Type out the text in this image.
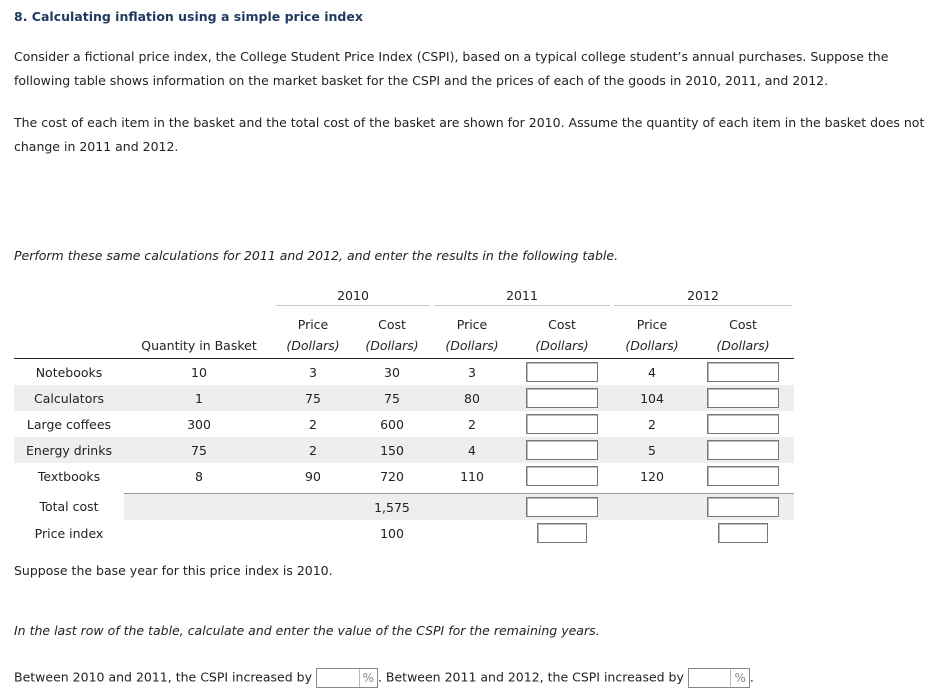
8. Calculating inflation using a simple price index
Consider a fictional price index, the College Student Price Index (CSPI), based on a typical college student’s annual purchases. Suppose the following table shows information on the market basket for the CSPI and the prices of each of the goods in 2010, 2011, and 2012.
The cost of each item in the basket and the total cost of the basket are shown for 2010. Assume the quantity of each item in the basket does not change in 2011 and 2012.
Perform these same calculations for 2011 and 2012, and enter the results in the following table.

		2010		2011		2012	

		Price	Cost	Price	Cost	Price	Cost
	Quantity in Basket	(Dollars)	(Dollars)	(Dollars)	(Dollars)	(Dollars)	(Dollars)
Notebooks	10	3	30	3		4	
Calculators	1	75	75	80		104	
Large coffees	300	2	600	2		2	
Energy drinks	75	2	150	4		5	
Textbooks	8	90	720	110		120	

Total cost			1,575				
Price index			100				
Suppose the base year for this price index is 2010.
In the last row of the table, calculate and enter the value of the CSPI for the remaining years.
Between 2010 and 2011, the CSPI increased by	% . Between 2011 and 2012, the CSPI increased by	% .
